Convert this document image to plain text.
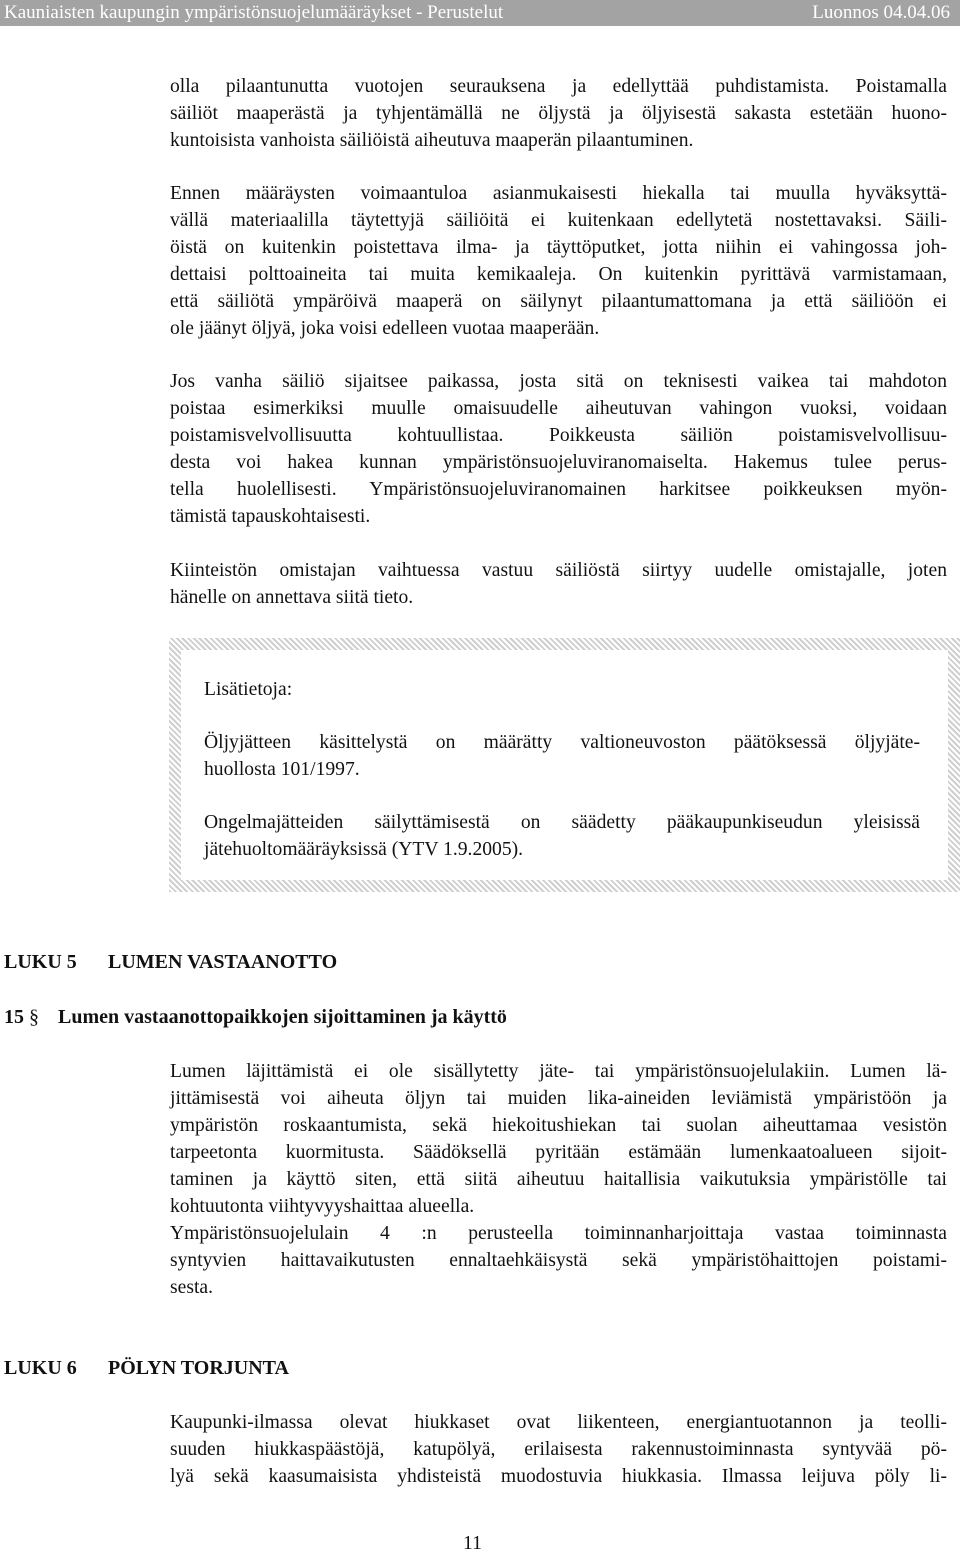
Kauniaisten kaupungin ympäristönsuojelumääräykset - Perustelut	Luonnos 04.04.06
olla pilaantunutta vuotojen seurauksena ja edellyttää puhdistamista. Poistamalla
säiliöt maaperästä ja tyhjentämällä ne öljystä ja öljyisestä sakasta estetään huono-
kuntoisista vanhoista säiliöistä aiheutuva maaperän pilaantuminen.
Ennen määräysten voimaantuloa asianmukaisesti hiekalla tai muulla hyväksyttä-
vällä materiaalilla täytettyjä säiliöitä ei kuitenkaan edellytetä nostettavaksi. Säili-
öistä on kuitenkin poistettava ilma- ja täyttöputket, jotta niihin ei vahingossa joh-
dettaisi polttoaineita tai muita kemikaaleja. On kuitenkin pyrittävä varmistamaan,
että säiliötä ympäröivä maaperä on säilynyt pilaantumattomana ja että säiliöön ei
ole jäänyt öljyä, joka voisi edelleen vuotaa maaperään.
Jos vanha säiliö sijaitsee paikassa, josta sitä on teknisesti vaikea tai mahdoton
poistaa esimerkiksi muulle omaisuudelle aiheutuvan vahingon vuoksi, voidaan
poistamisvelvollisuutta kohtuullistaa. Poikkeusta säiliön poistamisvelvollisuu-
desta voi hakea kunnan ympäristönsuojeluviranomaiselta. Hakemus tulee perus-
tella huolellisesti. Ympäristönsuojeluviranomainen harkitsee poikkeuksen myön-
tämistä tapauskohtaisesti.
Kiinteistön omistajan vaihtuessa vastuu säiliöstä siirtyy uudelle omistajalle, joten
hänelle on annettava siitä tieto.

Lisätietoja:

Öljyjätteen käsittelystä on määrätty valtioneuvoston päätöksessä öljyjäte-
huollosta 101/1997.
Ongelmajätteiden säilyttämisestä on säädetty pääkaupunkiseudun yleisissä
jätehuoltomääräyksissä (YTV 1.9.2005).

LUKU 5 LUMEN VASTAANOTTO

15 § Lumen vastaanottopaikkojen sijoittaminen ja käyttö

Lumen läjittämistä ei ole sisällytetty jäte- tai ympäristönsuojelulakiin. Lumen lä-
jittämisestä voi aiheuta öljyn tai muiden lika-aineiden leviämistä ympäristöön ja
ympäristön roskaantumista, sekä hiekoitushiekan tai suolan aiheuttamaa vesistön
tarpeetonta kuormitusta. Säädöksellä pyritään estämään lumenkaatoalueen sijoit-
taminen ja käyttö siten, että siitä aiheutuu haitallisia vaikutuksia ympäristölle tai
kohtuutonta viihtyvyyshaittaa alueella.
Ympäristönsuojelulain 4 :n perusteella toiminnanharjoittaja vastaa toiminnasta
syntyvien haittavaikutusten ennaltaehkäisystä sekä ympäristöhaittojen poistami-
sesta.

LUKU 6 PÖLYN TORJUNTA

Kaupunki-ilmassa olevat hiukkaset ovat liikenteen, energiantuotannon ja teolli-
suuden hiukkaspäästöjä, katupölyä, erilaisesta rakennustoiminnasta syntyvää pö-
lyä sekä kaasumaisista yhdisteistä muodostuvia hiukkasia. Ilmassa leijuva pöly li-
11
